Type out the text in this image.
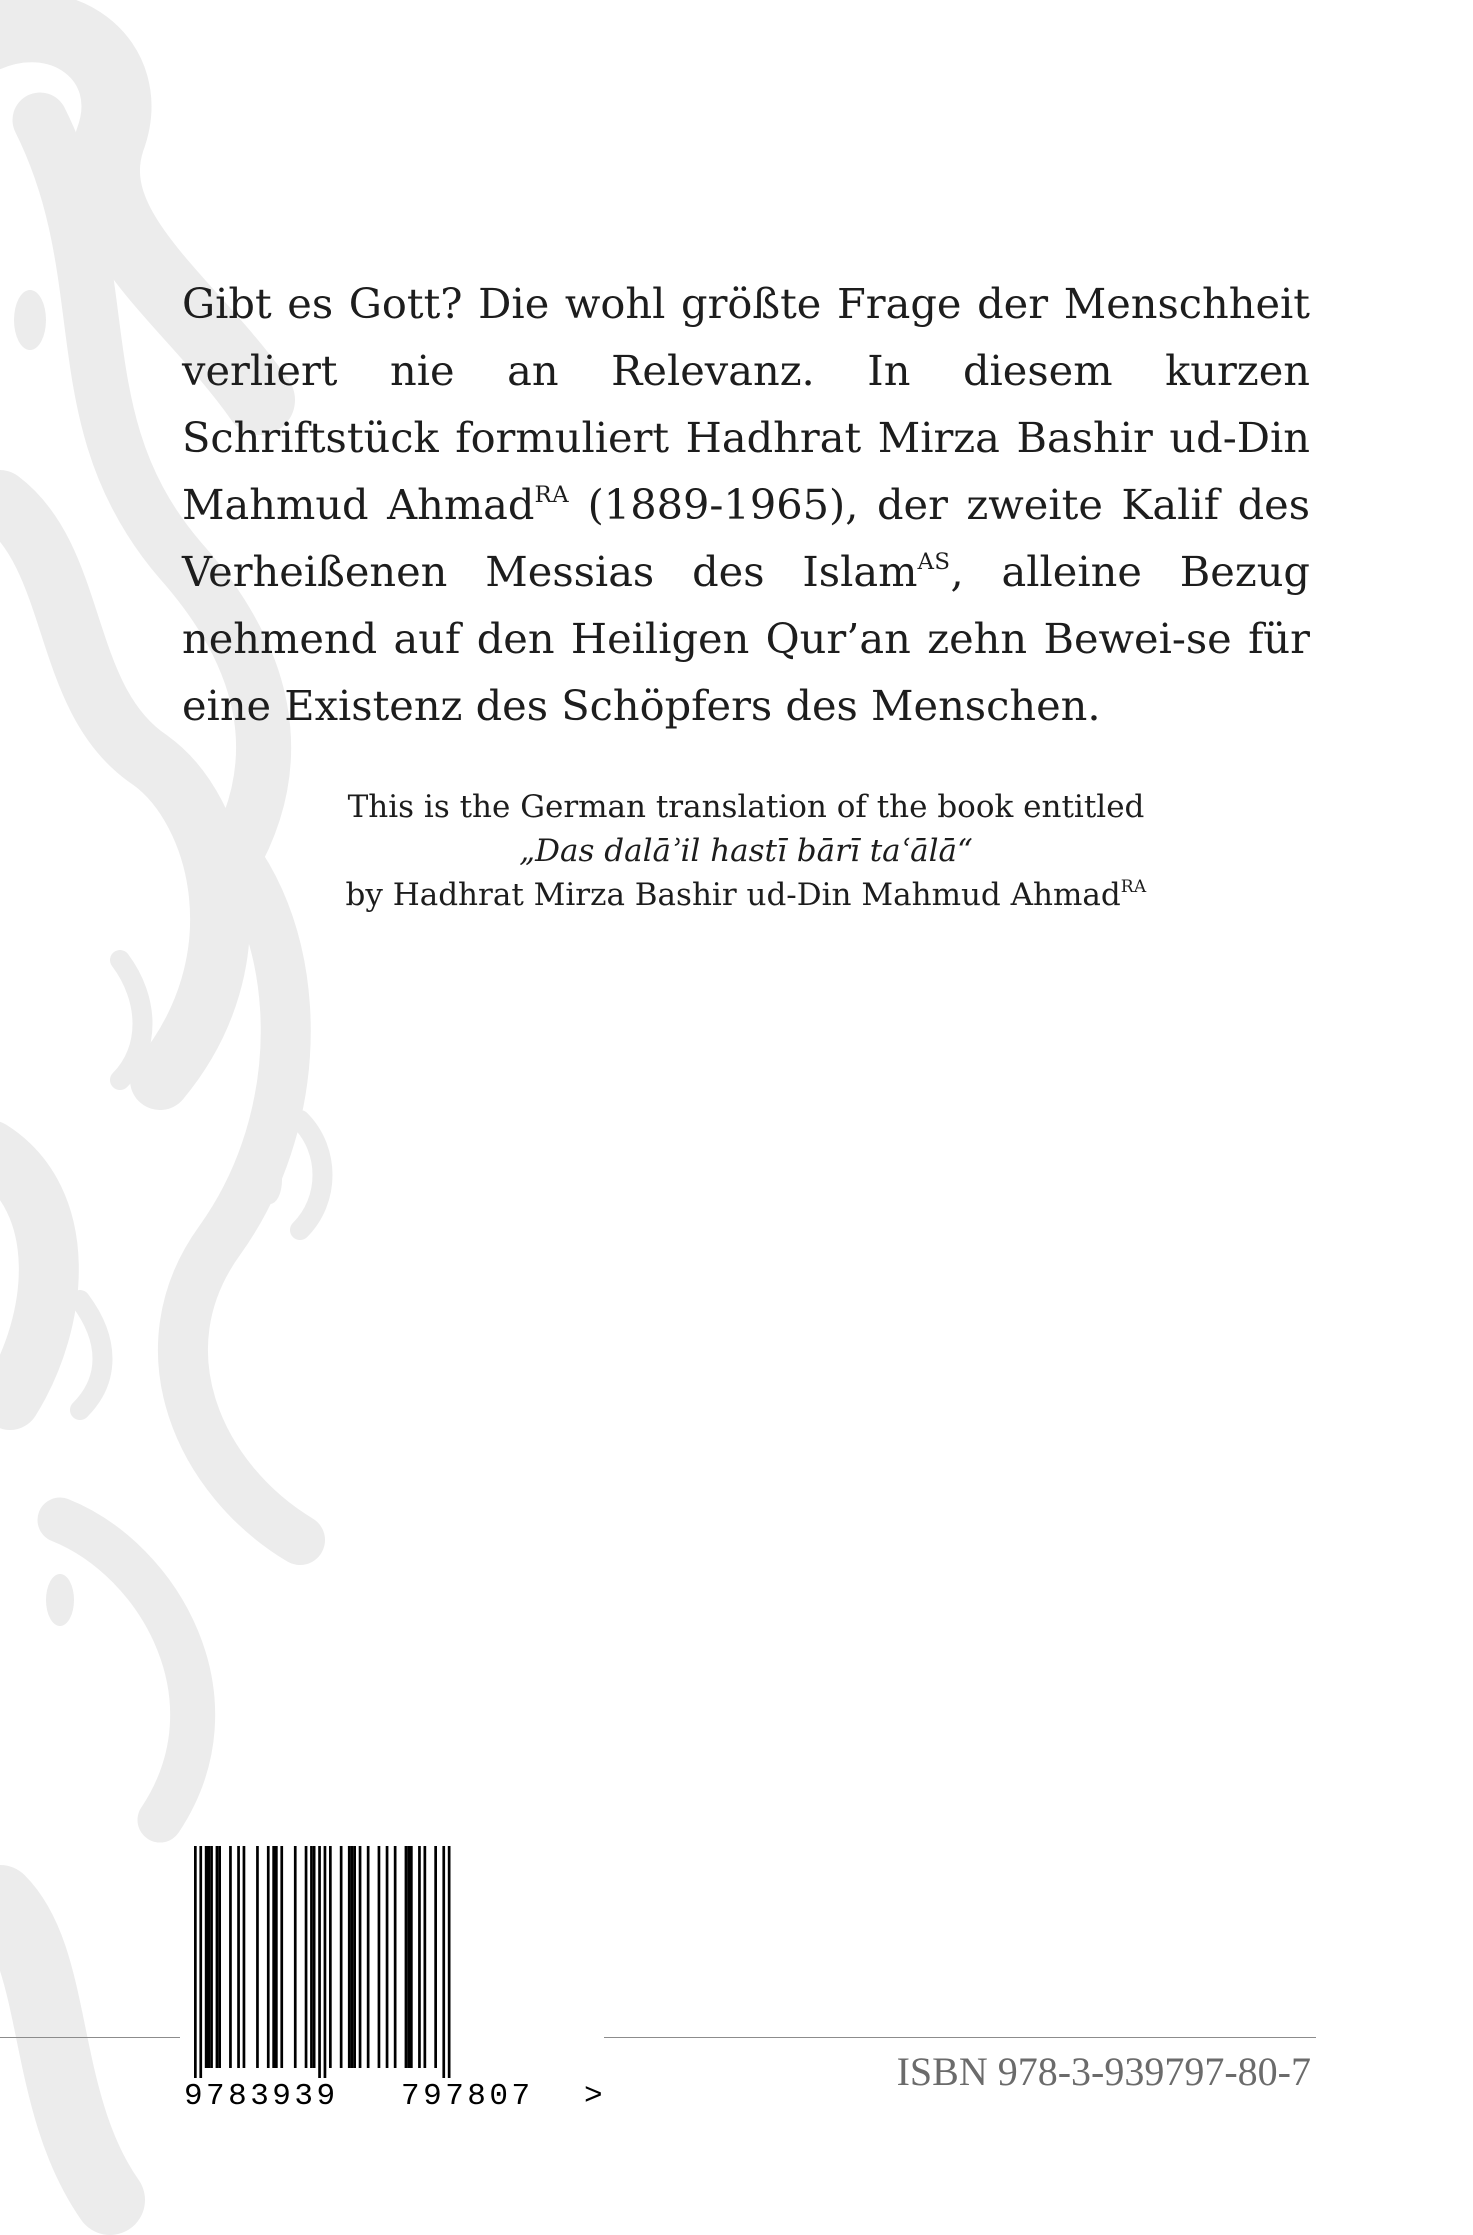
Gibt es Gott? Die wohl größte Frage der Menschheit verliert nie an Relevanz. In diesem kurzen Schriftstück formuliert Hadhrat Mirza Bashir ud-Din Mahmud Ahmad$^{RA}$ (1889-1965), der zweite Kalif des Verheißenen Messias des Islam$^{AS}$, alleine Bezug nehmend auf den Heiligen Qur’an zehn Bewei-se für eine Existenz des Schöpfers des Menschen.

This is the German translation of the book entitled
„Das dalāʾil hastī bārī taʿālā“
by Hadhrat Mirza Bashir ud-Din Mahmud Ahmad$^{RA}$
9 783939 797807 >
ISBN 978-3-939797-80-7
